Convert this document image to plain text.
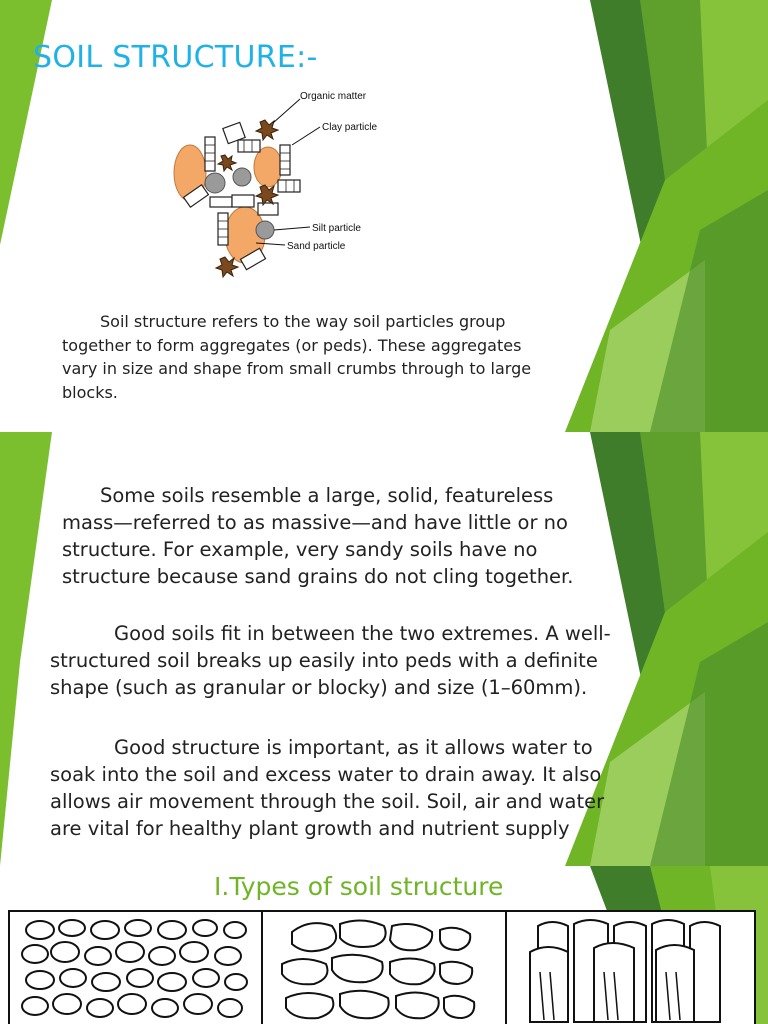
SOIL STRUCTURE:-
Organic matter
Clay particle
Silt particle
Sand particle
Soil structure refers to the way soil particles group together to form aggregates (or peds). These aggregates vary in size and shape from small crumbs through to large blocks.
Some soils resemble a large, solid, featureless mass—referred to as massive—and have little or no structure. For example, very sandy soils have no structure because sand grains do not cling together.
Good soils fit in between the two extremes. A well-structured soil breaks up easily into peds with a definite shape (such as granular or blocky) and size (1–60mm).
Good structure is important, as it allows water to soak into the soil and excess water to drain away. It also allows air movement through the soil. Soil, air and water are vital for healthy plant growth and nutrient supply
I.Types of soil structure
